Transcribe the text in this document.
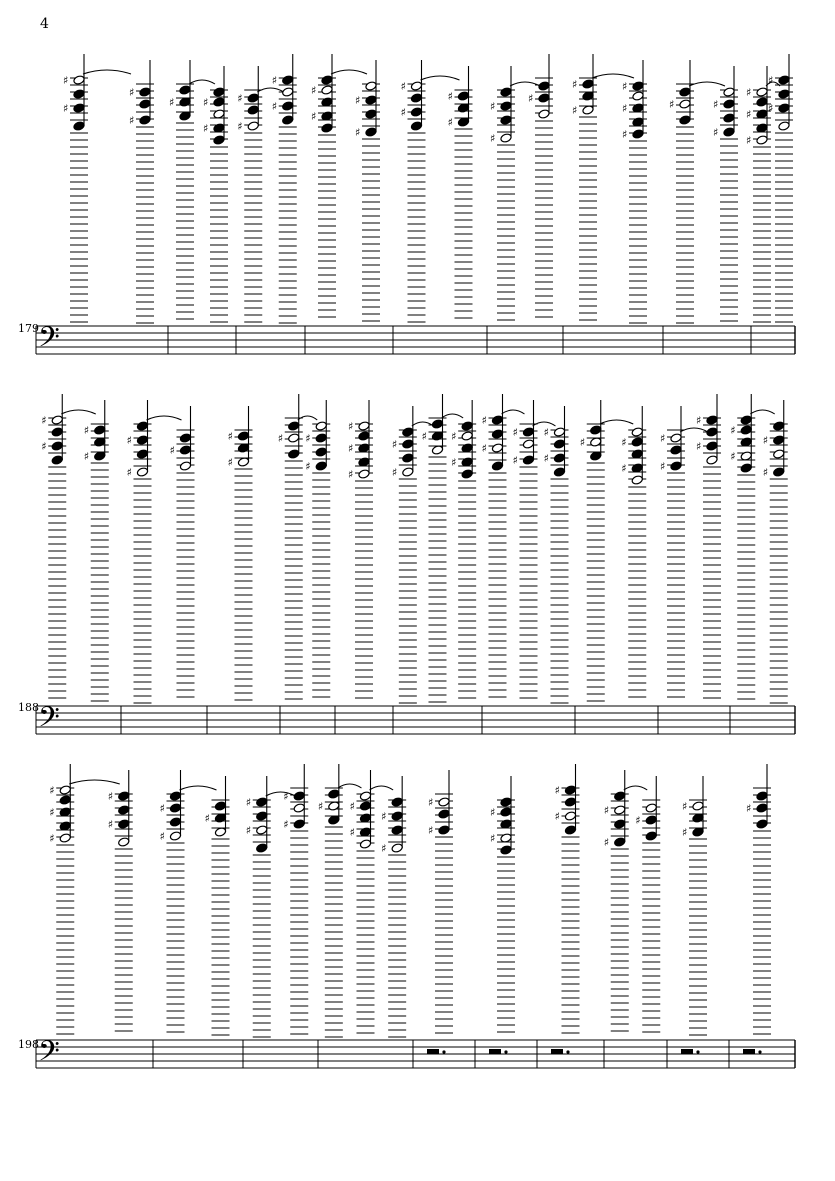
4
179
188
198
𝄢
♯
♯
♯
♯
♯	♯
♯
♯
♯
♯
♯
♯
♯
♯
♯
♯
♯
♯
♯
♯
♯
♯
♯
♯
♯
♯
♯
♯	♯
♯
♯
♯
♯
♯
♯
𝄢
♯
♯
♯
♯
♯
♯
♯
♯
♯
♯ ♯
♯
♯
♯
♯
♯
♯
♯ ♯
♯
♯
♯
♯
♯
♯
♯
♯	♯
♯
♯
♯
♯
♯
♯
♯
♯
♯
𝄢
♯
♯
♯
♯
♯
♯
♯
♯
♯
♯
♯
♯
♯ ♯
♯
♯
♯
♯
♯
♯
♯
♯
♯	♯
♯
♯
♯
♯
♯
